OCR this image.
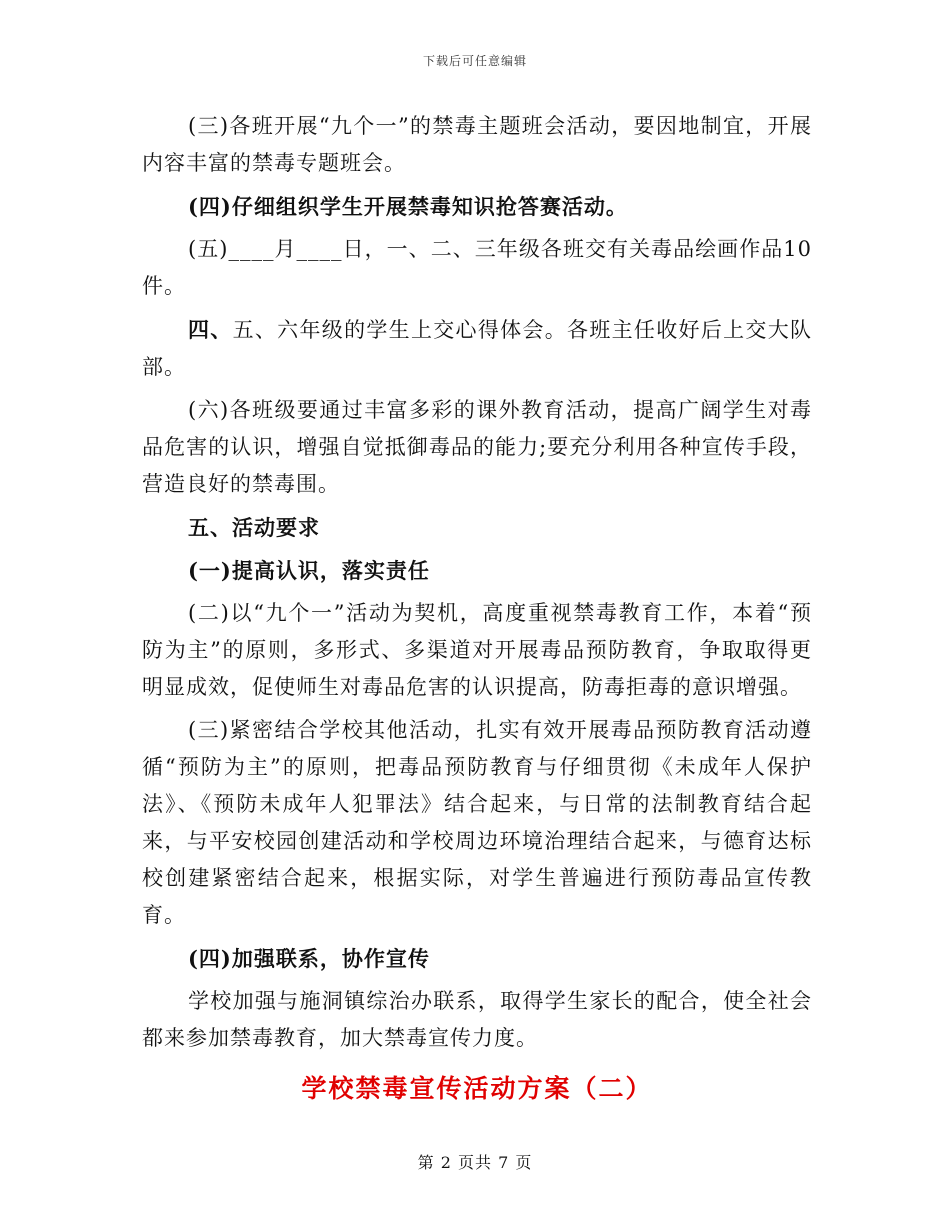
下载后可任意编辑

(三)各班开展“九个一”的禁毒主题班会活动，要因地制宜，开展内容丰富的禁毒专题班会。

(四)仔细组织学生开展禁毒知识抢答赛活动。

(五)____月____日，一、二、三年级各班交有关毒品绘画作品10件。

四、五、六年级的学生上交心得体会。各班主任收好后上交大队部。

(六)各班级要通过丰富多彩的课外教育活动，提高广阔学生对毒品危害的认识，增强自觉抵御毒品的能力;要充分利用各种宣传手段，营造良好的禁毒围。

五、活动要求

(一)提高认识，落实责任

(二)以“九个一”活动为契机，高度重视禁毒教育工作，本着“预防为主”的原则，多形式、多渠道对开展毒品预防教育，争取取得更明显成效，促使师生对毒品危害的认识提高，防毒拒毒的意识增强。

(三)紧密结合学校其他活动，扎实有效开展毒品预防教育活动遵循“预防为主”的原则，把毒品预防教育与仔细贯彻《未成年人保护法》、《预防未成年人犯罪法》结合起来，与日常的法制教育结合起来，与平安校园创建活动和学校周边环境治理结合起来，与德育达标校创建紧密结合起来，根据实际，对学生普遍进行预防毒品宣传教育。

(四)加强联系，协作宣传

学校加强与施洞镇综治办联系，取得学生家长的配合，使全社会都来参加禁毒教育，加大禁毒宣传力度。

学校禁毒宣传活动方案（二）
第 2 页共 7 页
